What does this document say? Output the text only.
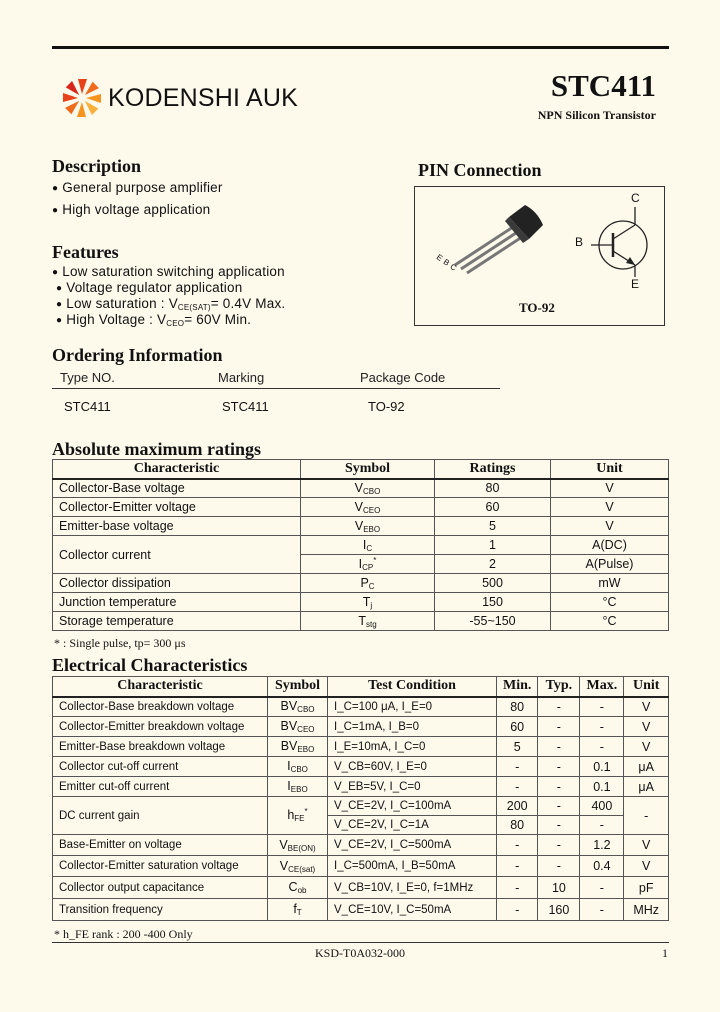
KODENSHI AUK	STC411
NPN Silicon Transistor
Description
● General purpose amplifier
● High voltage application
Features
● Low saturation switching application
● Voltage regulator application
● Low saturation : $V_{CE(SAT)}= 0.4V$ Max.
● High Voltage : $V_{CEO}= 60V$ Min.
PIN Connection
EBC
C
B
E
TO-92
Ordering Information
Type NO.	Marking	Package Code
STC411	STC411	TO-92
Absolute maximum ratings
Characteristic	Symbol	Ratings	Unit
Collector-Base voltage	$V_{CBO}$	80	V
Collector-Emitter voltage	$V_{CEO}$	60	V
Emitter-base voltage	$V_{EBO}$	5	V
Collector current	$I_C$	1	A(DC)
	$I_{CP}^*$	2	A(Pulse)
Collector dissipation	$P_C$	500	mW
Junction temperature	$T_j$	150	°C
Storage temperature	$T_{stg}$	-55~150	°C
* : Single pulse, tp= 300 μs
Electrical Characteristics
Characteristic	Symbol	Test Condition	Min.	Typ.	Max.	Unit
Collector-Base breakdown voltage	$BV_{CBO}$	I_C=100 μA, I_E=0	80	-	-	V
Collector-Emitter breakdown voltage	$BV_{CEO}$	I_C=1mA, I_B=0	60	-	-	V
Emitter-Base breakdown voltage	$BV_{EBO}$	I_E=10mA, I_C=0	5	-	-	V
Collector cut-off current	$I_{CBO}$	V_CB=60V, I_E=0	-	-	0.1	μA
Emitter cut-off current	$I_{EBO}$	V_EB=5V, I_C=0	-	-	0.1	μA
DC current gain	$h_{FE}^*$	V_CE=2V, I_C=100mA	200	-	400	-
		V_CE=2V, I_C=1A	80	-	-	
Base-Emitter on voltage	$V_{BE(ON)}$	V_CE=2V, I_C=500mA	-	-	1.2	V
Collector-Emitter saturation voltage	$V_{CE(sat)}$	I_C=500mA, I_B=50mA	-	-	0.4	V
Collector output capacitance	$C_{ob}$	V_CB=10V, I_E=0, f=1MHz	-	10	-	pF
Transition frequency	$f_T$	V_CE=10V, I_C=50mA	-	160	-	MHz
* h_FE rank : 200 -400 Only
KSD-T0A032-000	1
